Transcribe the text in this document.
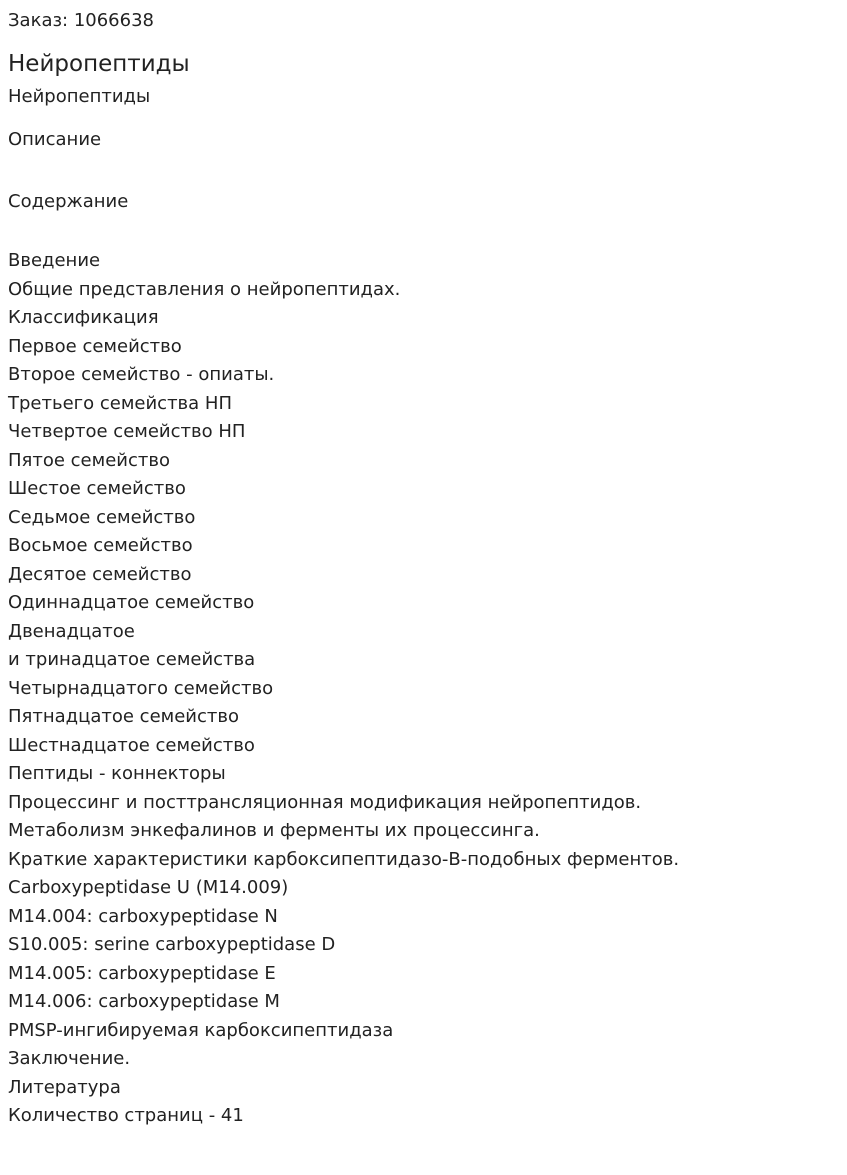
Заказ: 1066638
Нейропептиды
Нейропептиды
Описание
Содержание
Введение
Общие представления о нейропептидах.
Классификация
Первое семейство
Второе семейство - опиаты.
Третьего семейства НП
Четвертое семейство НП
Пятое семейство
Шестое семейство
Седьмое семейство
Восьмое семейство
Десятое семейство
Одиннадцатое семейство
Двенадцатое
и тринадцатое семейства
Четырнадцатого семейство
Пятнадцатое семейство
Шестнадцатое семейство
Пептиды - коннекторы
Процессинг и посттрансляционная модификация нейропептидов.
Метаболизм энкефалинов и ферменты их процессинга.
Краткие характеристики карбоксипептидазо-В-подобных ферментов.
Carboxypeptidase U (M14.009)
M14.004: carboxypeptidase N
S10.005: serine carboxypeptidase D
M14.005: carboxypeptidase E
M14.006: carboxypeptidase M
PMSP-ингибируемая карбоксипептидаза
Заключение.
Литература
Количество страниц - 41
